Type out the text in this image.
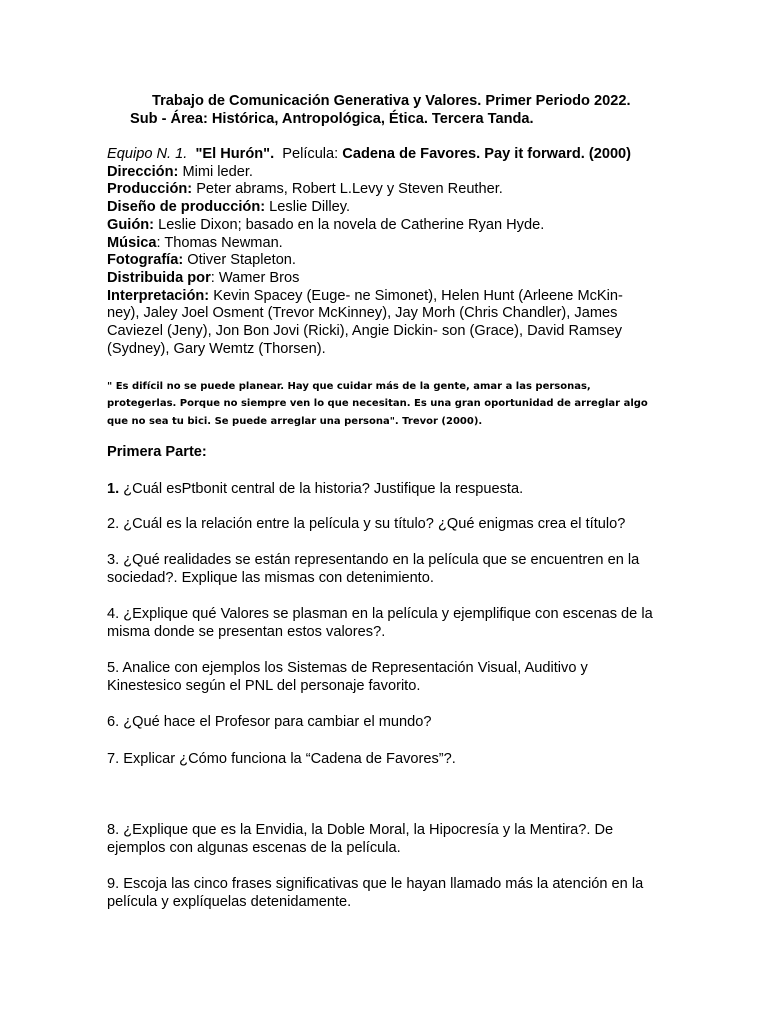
Trabajo de Comunicación Generativa y Valores. Primer Periodo 2022.
Sub - Área: Histórica, Antropológica, Ética. Tercera Tanda.
Equipo N. 1. "El Hurón". Película: Cadena de Favores. Pay it forward. (2000)
Dirección: Mimi leder.
Producción: Peter abrams, Robert L.Levy y Steven Reuther.
Diseño de producción: Leslie Dilley.
Guión: Leslie Dixon; basado en la novela de Catherine Ryan Hyde.
Música: Thomas Newman.
Fotografía: Otiver Stapleton.
Distribuida por: Wamer Bros
Interpretación: Kevin Spacey (Euge- ne Simonet), Helen Hunt (Arleene McKin- ney), Jaley Joel Osment (Trevor McKinney), Jay Morh (Chris Chandler), James Caviezel (Jeny), Jon Bon Jovi (Ricki), Angie Dickin- son (Grace), David Ramsey (Sydney), Gary Wemtz (Thorsen).
" Es difícil no se puede planear. Hay que cuidar más de la gente, amar a las personas, protegerlas. Porque no siempre ven lo que necesitan. Es una gran oportunidad de arreglar algo que no sea tu bici. Se puede arreglar una persona". Trevor (2000).
Primera Parte:
1. ¿Cuál esPtbonit central de la historia? Justifique la respuesta.
2. ¿Cuál es la relación entre la película y su título? ¿Qué enigmas crea el título?
3. ¿Qué realidades se están representando en la película que se encuentren en la sociedad?. Explique las mismas con detenimiento.
4. ¿Explique qué Valores se plasman en la película y ejemplifique con escenas de la misma donde se presentan estos valores?.
5. Analice con ejemplos los Sistemas de Representación Visual, Auditivo y Kinestesico según el PNL del personaje favorito.
6. ¿Qué hace el Profesor para cambiar el mundo?
7. Explicar ¿Cómo funciona la “Cadena de Favores”?.
8. ¿Explique que es la Envidia, la Doble Moral, la Hipocresía y la Mentira?. De ejemplos con algunas escenas de la película.
9. Escoja las cinco frases significativas que le hayan llamado más la atención en la película y explíquelas detenidamente.
